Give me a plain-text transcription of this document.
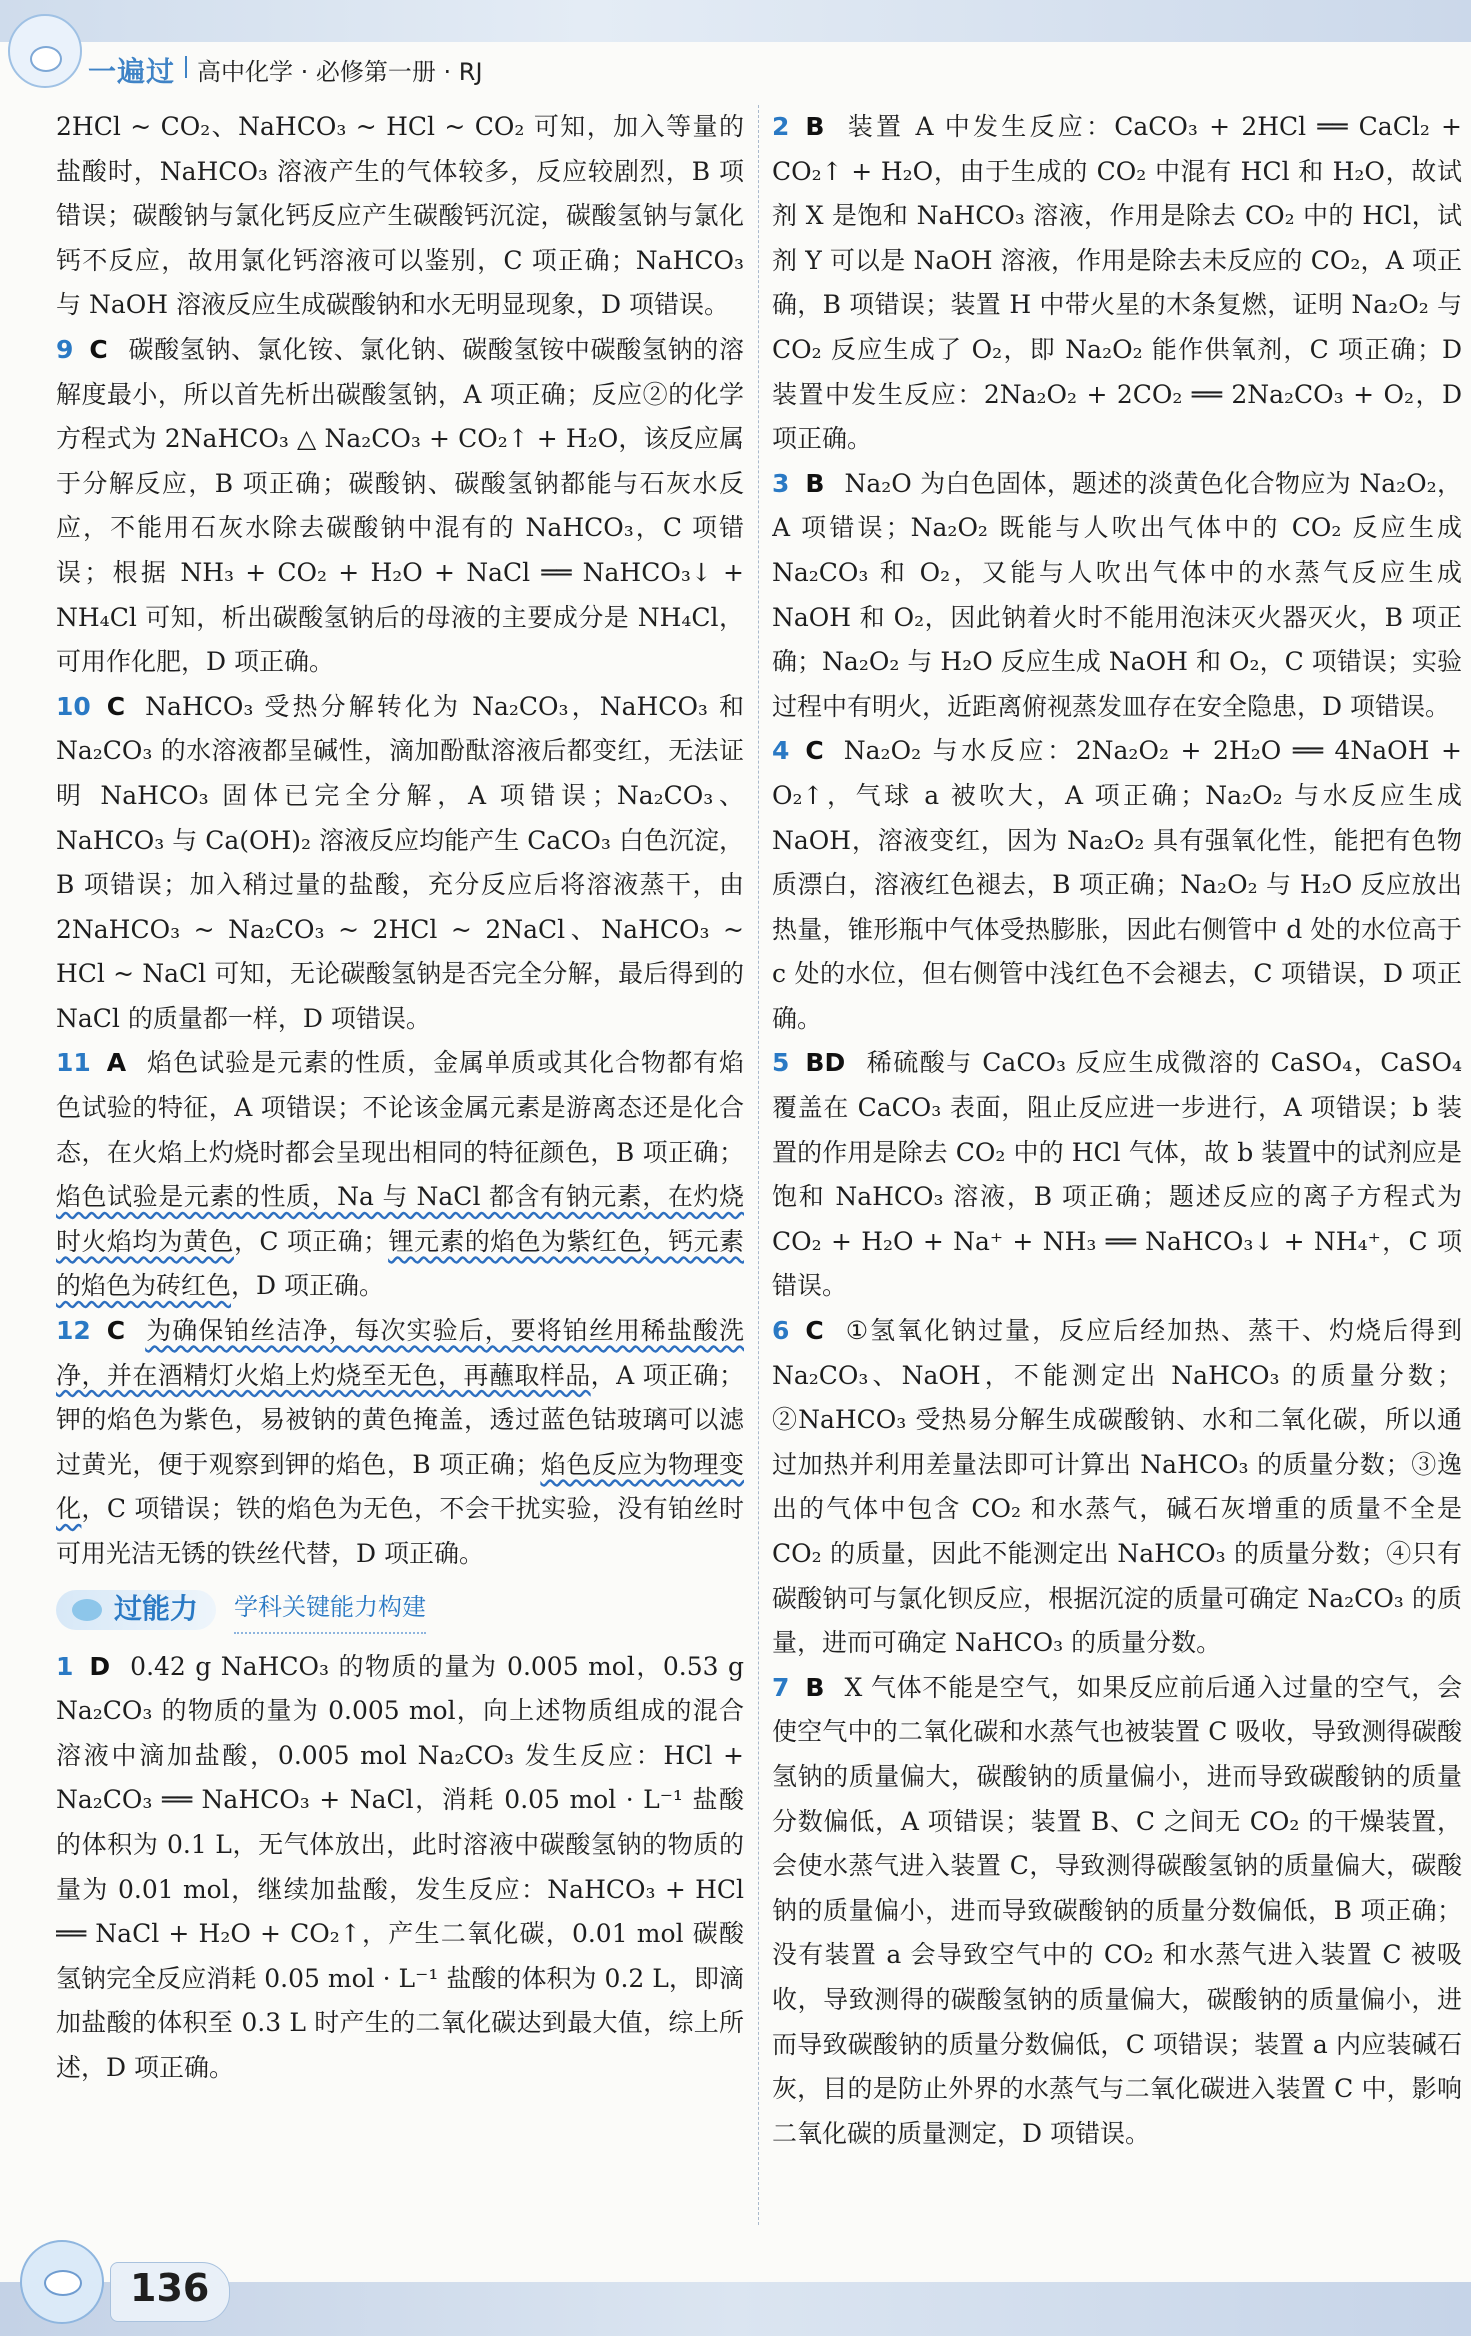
一遍过 高中化学 · 必修第一册 · RJ

2HCl ~ CO₂、NaHCO₃ ~ HCl ~ CO₂ 可知，加入等量的盐酸时，NaHCO₃ 溶液产生的气体较多，反应较剧烈，B 项错误；碳酸钠与氯化钙反应产生碳酸钙沉淀，碳酸氢钠与氯化钙不反应，故用氯化钙溶液可以鉴别，C 项正确；NaHCO₃ 与 NaOH 溶液反应生成碳酸钠和水无明显现象，D 项错误。

9 C 碳酸氢钠、氯化铵、氯化钠、碳酸氢铵中碳酸氢钠的溶解度最小，所以首先析出碳酸氢钠，A 项正确；反应②的化学方程式为 2NaHCO₃ △ Na₂CO₃ + CO₂↑ + H₂O，该反应属于分解反应，B 项正确；碳酸钠、碳酸氢钠都能与石灰水反应，不能用石灰水除去碳酸钠中混有的 NaHCO₃，C 项错误；根据 NH₃ + CO₂ + H₂O + NaCl ══ NaHCO₃↓ + NH₄Cl 可知，析出碳酸氢钠后的母液的主要成分是 NH₄Cl，可用作化肥，D 项正确。

10 C NaHCO₃ 受热分解转化为 Na₂CO₃，NaHCO₃ 和 Na₂CO₃ 的水溶液都呈碱性，滴加酚酞溶液后都变红，无法证明 NaHCO₃ 固体已完全分解，A 项错误；Na₂CO₃、NaHCO₃ 与 Ca(OH)₂ 溶液反应均能产生 CaCO₃ 白色沉淀，B 项错误；加入稍过量的盐酸，充分反应后将溶液蒸干，由 2NaHCO₃ ~ Na₂CO₃ ~ 2HCl ~ 2NaCl、NaHCO₃ ~ HCl ~ NaCl 可知，无论碳酸氢钠是否完全分解，最后得到的 NaCl 的质量都一样，D 项错误。

11 A 焰色试验是元素的性质，金属单质或其化合物都有焰色试验的特征，A 项错误；不论该金属元素是游离态还是化合态，在火焰上灼烧时都会呈现出相同的特征颜色，B 项正确；焰色试验是元素的性质，Na 与 NaCl 都含有钠元素，在灼烧时火焰均为黄色，C 项正确；锂元素的焰色为紫红色，钙元素的焰色为砖红色，D 项正确。

12 C 为确保铂丝洁净，每次实验后，要将铂丝用稀盐酸洗净，并在酒精灯火焰上灼烧至无色，再蘸取样品，A 项正确；钾的焰色为紫色，易被钠的黄色掩盖，透过蓝色钴玻璃可以滤过黄光，便于观察到钾的焰色，B 项正确；焰色反应为物理变化，C 项错误；铁的焰色为无色，不会干扰实验，没有铂丝时可用光洁无锈的铁丝代替，D 项正确。

过能力 学科关键能力构建

1 D 0.42 g NaHCO₃ 的物质的量为 0.005 mol，0.53 g Na₂CO₃ 的物质的量为 0.005 mol，向上述物质组成的混合溶液中滴加盐酸，0.005 mol Na₂CO₃ 发生反应：HCl + Na₂CO₃ ══ NaHCO₃ + NaCl，消耗 0.05 mol · L⁻¹ 盐酸的体积为 0.1 L，无气体放出，此时溶液中碳酸氢钠的物质的量为 0.01 mol，继续加盐酸，发生反应：NaHCO₃ + HCl ══ NaCl + H₂O + CO₂↑，产生二氧化碳，0.01 mol 碳酸氢钠完全反应消耗 0.05 mol · L⁻¹ 盐酸的体积为 0.2 L，即滴加盐酸的体积至 0.3 L 时产生的二氧化碳达到最大值，综上所述，D 项正确。

2 B 装置 A 中发生反应：CaCO₃ + 2HCl ══ CaCl₂ + CO₂↑ + H₂O，由于生成的 CO₂ 中混有 HCl 和 H₂O，故试剂 X 是饱和 NaHCO₃ 溶液，作用是除去 CO₂ 中的 HCl，试剂 Y 可以是 NaOH 溶液，作用是除去未反应的 CO₂，A 项正确，B 项错误；装置 H 中带火星的木条复燃，证明 Na₂O₂ 与 CO₂ 反应生成了 O₂，即 Na₂O₂ 能作供氧剂，C 项正确；D 装置中发生反应：2Na₂O₂ + 2CO₂ ══ 2Na₂CO₃ + O₂，D 项正确。

3 B Na₂O 为白色固体，题述的淡黄色化合物应为 Na₂O₂，A 项错误；Na₂O₂ 既能与人吹出气体中的 CO₂ 反应生成 Na₂CO₃ 和 O₂，又能与人吹出气体中的水蒸气反应生成 NaOH 和 O₂，因此钠着火时不能用泡沫灭火器灭火，B 项正确；Na₂O₂ 与 H₂O 反应生成 NaOH 和 O₂，C 项错误；实验过程中有明火，近距离俯视蒸发皿存在安全隐患，D 项错误。

4 C Na₂O₂ 与水反应：2Na₂O₂ + 2H₂O ══ 4NaOH + O₂↑，气球 a 被吹大，A 项正确；Na₂O₂ 与水反应生成 NaOH，溶液变红，因为 Na₂O₂ 具有强氧化性，能把有色物质漂白，溶液红色褪去，B 项正确；Na₂O₂ 与 H₂O 反应放出热量，锥形瓶中气体受热膨胀，因此右侧管中 d 处的水位高于 c 处的水位，但右侧管中浅红色不会褪去，C 项错误，D 项正确。

5 BD 稀硫酸与 CaCO₃ 反应生成微溶的 CaSO₄，CaSO₄ 覆盖在 CaCO₃ 表面，阻止反应进一步进行，A 项错误；b 装置的作用是除去 CO₂ 中的 HCl 气体，故 b 装置中的试剂应是饱和 NaHCO₃ 溶液，B 项正确；题述反应的离子方程式为 CO₂ + H₂O + Na⁺ + NH₃ ══ NaHCO₃↓ + NH₄⁺，C 项错误。

6 C ①氢氧化钠过量，反应后经加热、蒸干、灼烧后得到 Na₂CO₃、NaOH，不能测定出 NaHCO₃ 的质量分数；②NaHCO₃ 受热易分解生成碳酸钠、水和二氧化碳，所以通过加热并利用差量法即可计算出 NaHCO₃ 的质量分数；③逸出的气体中包含 CO₂ 和水蒸气，碱石灰增重的质量不全是 CO₂ 的质量，因此不能测定出 NaHCO₃ 的质量分数；④只有碳酸钠可与氯化钡反应，根据沉淀的质量可确定 Na₂CO₃ 的质量，进而可确定 NaHCO₃ 的质量分数。

7 B X 气体不能是空气，如果反应前后通入过量的空气，会使空气中的二氧化碳和水蒸气也被装置 C 吸收，导致测得碳酸氢钠的质量偏大，碳酸钠的质量偏小，进而导致碳酸钠的质量分数偏低，A 项错误；装置 B、C 之间无 CO₂ 的干燥装置，会使水蒸气进入装置 C，导致测得碳酸氢钠的质量偏大，碳酸钠的质量偏小，进而导致碳酸钠的质量分数偏低，B 项正确；没有装置 a 会导致空气中的 CO₂ 和水蒸气进入装置 C 被吸收，导致测得的碳酸氢钠的质量偏大，碳酸钠的质量偏小，进而导致碳酸钠的质量分数偏低，C 项错误；装置 a 内应装碱石灰，目的是防止外界的水蒸气与二氧化碳进入装置 C 中，影响二氧化碳的质量测定，D 项错误。

136
